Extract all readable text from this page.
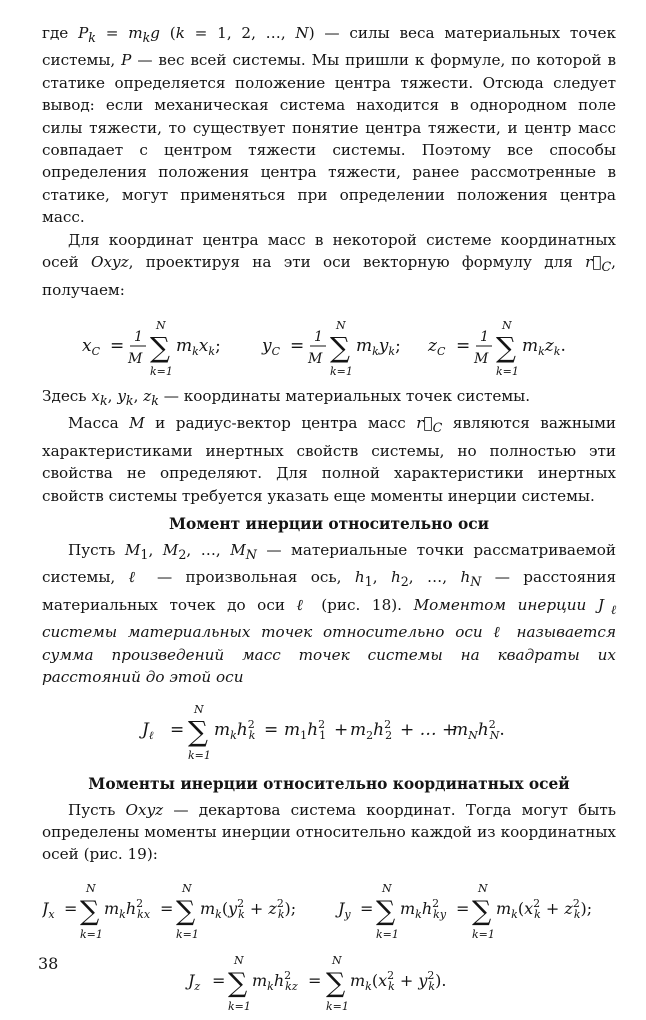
где $P_k = m_kg$ (k = 1, 2, …, N) — силы веса материальных точек системы, P — вес всей системы. Мы пришли к формуле, по которой в статике определяется положение центра тяжести. Отсюда следует вывод: если механическая система находится в однородном поле силы тяжести, то существует понятие центра тяжести, и центр масс совпадает с центром тяжести системы. Поэтому все способы определения положения центра тяжести, ранее рассмотренные в статике, могут применяться при определении положения центра масс.

Для координат центра масс в некоторой системе координатных осей Oxyz, проектируя на эти оси векторную формулу для $r⃗_C$, получаем:

$x_C = 1$
M ∑
N
k=1
$m_kx_k$; $y_C = 1$
M ∑
N
k=1
$m_ky_k$; $z_C = 1$
M ∑
N
k=1
$m_kz_k$.

Здесь $x_k$, $y_k$, $z_k$ — координаты материальных точек системы.

Масса M и радиус-вектор центра масс $r⃗_C$ являются важными характеристиками инертных свойств системы, но полностью эти свойства не определяют. Для полной характеристики инертных свойств системы требуется указать еще моменты инерции системы.

Момент инерции относительно оси

Пусть $M_1$, $M_2$, …, $M_N$ — материальные точки рассматриваемой системы, ℓ — произвольная ось, $h_1$, $h_2$, …, $h_N$ — расстояния материальных точек до оси ℓ (рис. 18). Моментом инерции $J_\ell$ системы материальных точек относительно оси ℓ называется сумма произведений масс точек системы на квадраты их расстояний до этой оси

$J_\ell$ = ∑
N
k=1
$m_kh^2$ $k = m_1h^2$ $1 + m_2h^2$ 2 + … +
$m_Nh^2$ N.
Моменты инерции относительно координатных осей

Пусть Oxyz — декартова система координат. Тогда могут быть определены моменты инерции относительно каждой из координатных осей (рис. 19):

$J_x$ = ∑
N
k=1
$m_kh^2$ kx = ∑
N
k=1
$m_k(y^2$ $k + z^2$ k);	$J_y$ = ∑
N
k=1
$m_kh^2$ ky = ∑
N
k=1
$m_k(x^2$ $k + z^2$ k);
$J_z$ = ∑
N
k=1
$m_kh^2$ kz = ∑
N
k=1
$m_k(x^2$ $k + y^2$ k).
38
